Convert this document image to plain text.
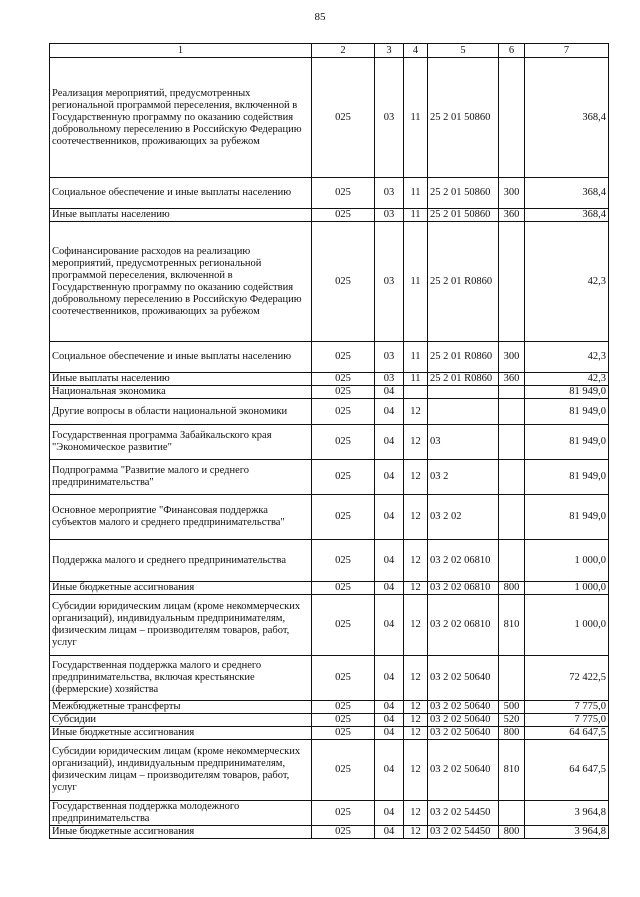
85
1	2	3	4	5	6	7
Реализация мероприятий, предусмотренных региональной программой переселения, включенной в Государственную программу по оказанию содействия добровольному переселению в Российскую Федерацию соотечественников, проживающих за рубежом	025	03	11	25 2 01 50860		368,4
Социальное обеспечение и иные выплаты населению	025	03	11	25 2 01 50860	300	368,4
Иные выплаты населению	025	03	11	25 2 01 50860	360	368,4
Софинансирование расходов на реализацию мероприятий, предусмотренных региональной программой переселения, включенной в Государственную программу по оказанию содействия добровольному переселению в Российскую Федерацию соотечественников, проживающих за рубежом	025	03	11	25 2 01 R0860		42,3
Социальное обеспечение и иные выплаты населению	025	03	11	25 2 01 R0860	300	42,3
Иные выплаты населению	025	03	11	25 2 01 R0860	360	42,3
Национальная экономика	025	04				81 949,0
Другие вопросы в области национальной экономики	025	04	12			81 949,0
Государственная программа Забайкальского края "Экономическое развитие"	025	04	12	03		81 949,0
Подпрограмма "Развитие малого и среднего предпринимательства"	025	04	12	03 2		81 949,0
Основное мероприятие "Финансовая поддержка субъектов малого и среднего предпринимательства"	025	04	12	03 2 02		81 949,0
Поддержка малого и среднего предпринимательства	025	04	12	03 2 02 06810		1 000,0
Иные бюджетные ассигнования	025	04	12	03 2 02 06810	800	1 000,0
Субсидии юридическим лицам (кроме некоммерческих организаций), индивидуальным предпринимателям, физическим лицам – производителям товаров, работ, услуг	025	04	12	03 2 02 06810	810	1 000,0
Государственная поддержка малого и среднего предпринимательства, включая крестьянские (фермерские) хозяйства	025	04	12	03 2 02 50640		72 422,5
Межбюджетные трансферты	025	04	12	03 2 02 50640	500	7 775,0
Субсидии	025	04	12	03 2 02 50640	520	7 775,0
Иные бюджетные ассигнования	025	04	12	03 2 02 50640	800	64 647,5
Субсидии юридическим лицам (кроме некоммерческих организаций), индивидуальным предпринимателям, физическим лицам – производителям товаров, работ, услуг	025	04	12	03 2 02 50640	810	64 647,5
Государственная поддержка молодежного предпринимательства	025	04	12	03 2 02 54450		3 964,8
Иные бюджетные ассигнования	025	04	12	03 2 02 54450	800	3 964,8
